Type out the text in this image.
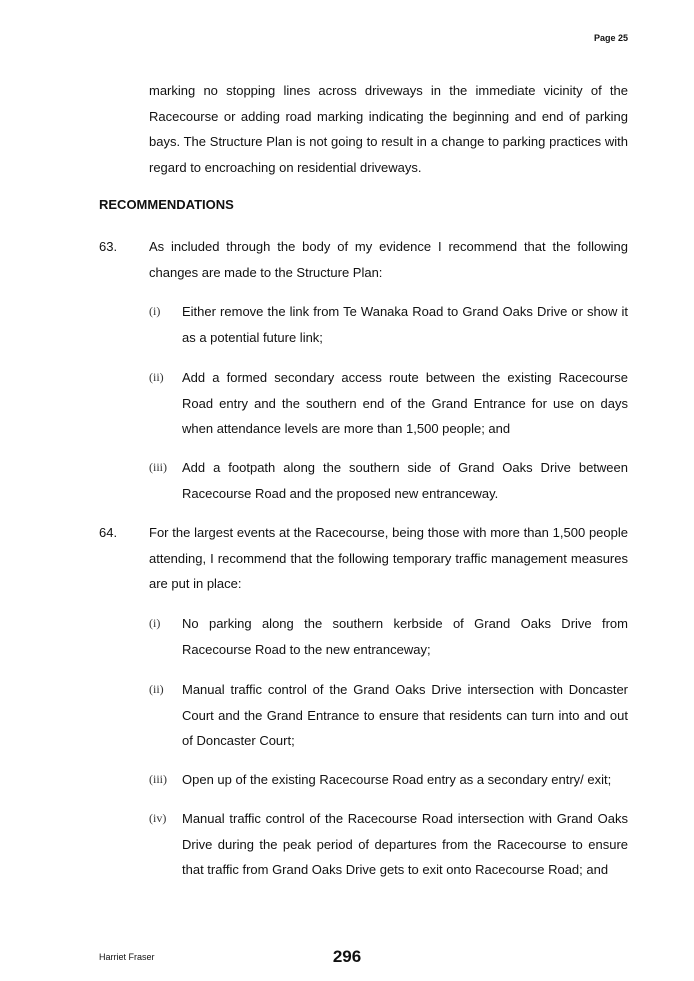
Page 25
marking no stopping lines across driveways in the immediate vicinity of the Racecourse or adding road marking indicating the beginning and end of parking bays. The Structure Plan is not going to result in a change to parking practices with regard to encroaching on residential driveways.
RECOMMENDATIONS
63. As included through the body of my evidence I recommend that the following changes are made to the Structure Plan:
(i) Either remove the link from Te Wanaka Road to Grand Oaks Drive or show it as a potential future link;
(ii) Add a formed secondary access route between the existing Racecourse Road entry and the southern end of the Grand Entrance for use on days when attendance levels are more than 1,500 people; and
(iii) Add a footpath along the southern side of Grand Oaks Drive between Racecourse Road and the proposed new entranceway.
64. For the largest events at the Racecourse, being those with more than 1,500 people attending, I recommend that the following temporary traffic management measures are put in place:
(i) No parking along the southern kerbside of Grand Oaks Drive from Racecourse Road to the new entranceway;
(ii) Manual traffic control of the Grand Oaks Drive intersection with Doncaster Court and the Grand Entrance to ensure that residents can turn into and out of Doncaster Court;
(iii) Open up of the existing Racecourse Road entry as a secondary entry/ exit;
(iv) Manual traffic control of the Racecourse Road intersection with Grand Oaks Drive during the peak period of departures from the Racecourse to ensure that traffic from Grand Oaks Drive gets to exit onto Racecourse Road; and
Harriet Fraser	296
